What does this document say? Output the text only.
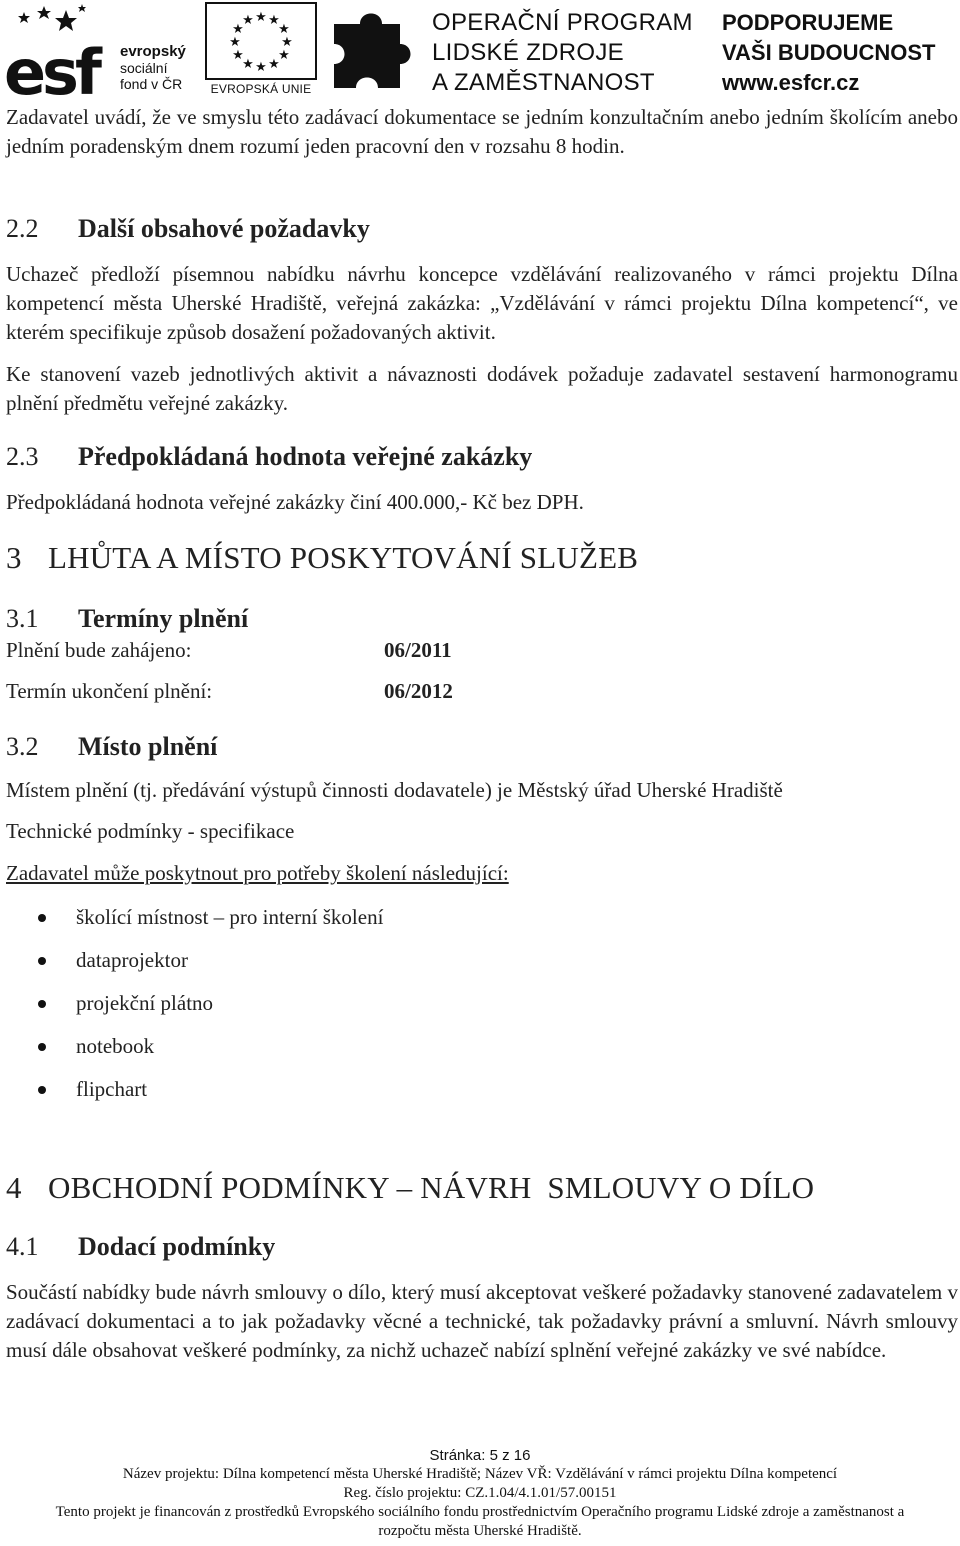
esf	evropský
sociální
fond v ČR
★ ★
★
★
★
★
★
★
★
★
★
★
EVROPSKÁ UNIE
OPERAČNÍ PROGRAM
LIDSKÉ ZDROJE
A ZAMĚSTNANOST
PODPORUJEME
VAŠI BUDOUCNOST
www.esfcr.cz

Zadavatel uvádí, že ve smyslu této zadávací dokumentace se jedním konzultačním anebo jedním školícím anebo jedním poradenským dnem rozumí jeden pracovní den v rozsahu 8 hodin.

2.2 Další obsahové požadavky

Uchazeč předloží písemnou nabídku návrhu koncepce vzdělávání realizovaného v rámci projektu Dílna kompetencí města Uherské Hradiště, veřejná zakázka: „Vzdělávání v rámci projektu Dílna kompetencí“, ve kterém specifikuje způsob dosažení požadovaných aktivit.

Ke stanovení vazeb jednotlivých aktivit a návaznosti dodávek požaduje zadavatel sestavení harmonogramu plnění předmětu veřejné zakázky.

2.3 Předpokládaná hodnota veřejné zakázky

Předpokládaná hodnota veřejné zakázky činí 400.000,- Kč bez DPH.

3 LHŮTA A MÍSTO POSKYTOVÁNÍ SLUŽEB
3.1 Termíny plnění
Plnění bude zahájeno:	06/2011
Termín ukončení plnění:	06/2012
3.2 Místo plnění
Místem plnění (tj. předávání výstupů činnosti dodavatele) je Městský úřad Uherské Hradiště
Technické podmínky - specifikace
Zadavatel může poskytnout pro potřeby školení následující:
školící místnost – pro interní školení
dataprojektor
projekční plátno
notebook
flipchart
4 OBCHODNÍ PODMÍNKY – NÁVRH  SMLOUVY O DÍLO
4.1 Dodací podmínky

Součástí nabídky bude návrh smlouvy o dílo, který musí akceptovat veškeré požadavky stanovené zadavatelem v zadávací dokumentaci a to jak požadavky věcné a technické, tak požadavky právní a smluvní. Návrh smlouvy musí dále obsahovat veškeré podmínky, za nichž uchazeč nabízí splnění veřejné zakázky ve své nabídce.

Stránka: 5 z 16
Název projektu: Dílna kompetencí města Uherské Hradiště; Název VŘ: Vzdělávání v rámci projektu Dílna kompetencí
Reg. číslo projektu: CZ.1.04/4.1.01/57.00151
Tento projekt je financován z prostředků Evropského sociálního fondu prostřednictvím Operačního programu Lidské zdroje a zaměstnanost a
rozpočtu města Uherské Hradiště.
